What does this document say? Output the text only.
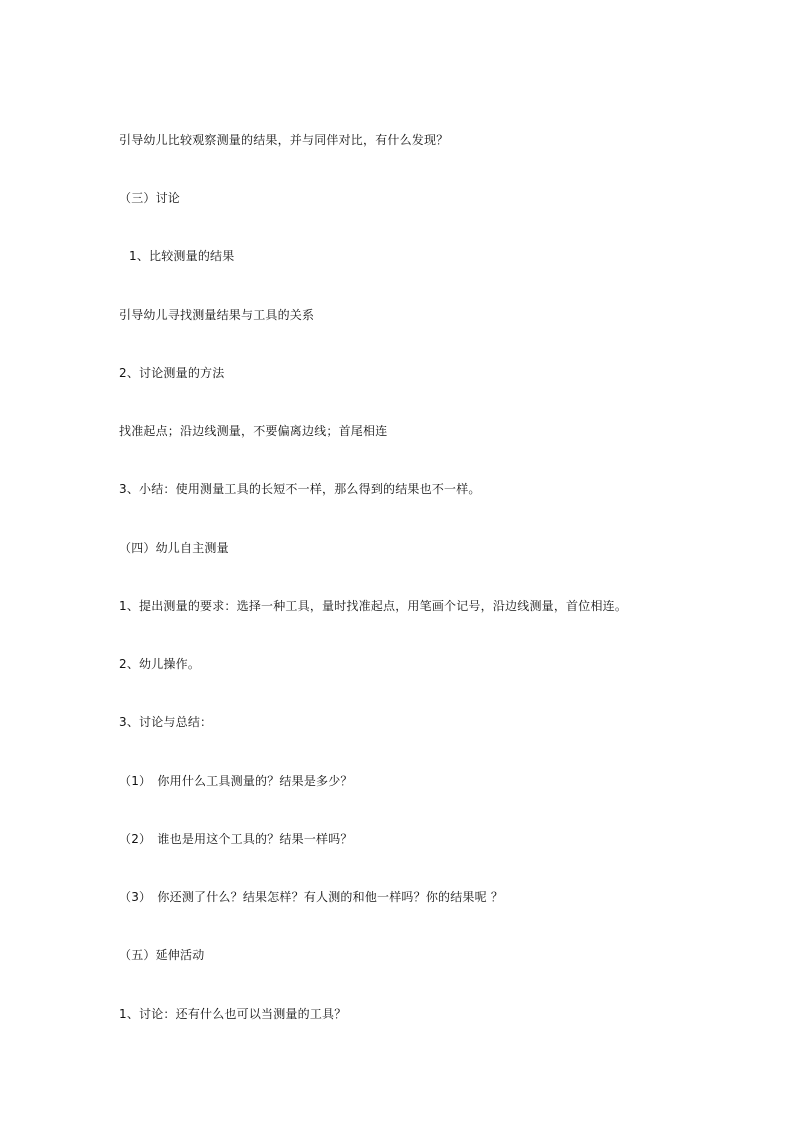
引导幼儿比较观察测量的结果，并与同伴对比，有什么发现？
（三）讨论
1、比较测量的结果
引导幼儿寻找测量结果与工具的关系
2、讨论测量的方法
找准起点；沿边线测量，不要偏离边线；首尾相连
3、小结：使用测量工具的长短不一样，那么得到的结果也不一样。
（四）幼儿自主测量
1、提出测量的要求：选择一种工具，量时找准起点，用笔画个记号，沿边线测量，首位相连。
2、幼儿操作。
3、讨论与总结：
（1）　你用什么工具测量的？结果是多少？
（2）　谁也是用这个工具的？结果一样吗？
（3）　你还测了什么？结果怎样？有人测的和他一样吗？你的结果呢 ？
（五）延伸活动
1、讨论：还有什么也可以当测量的工具？
